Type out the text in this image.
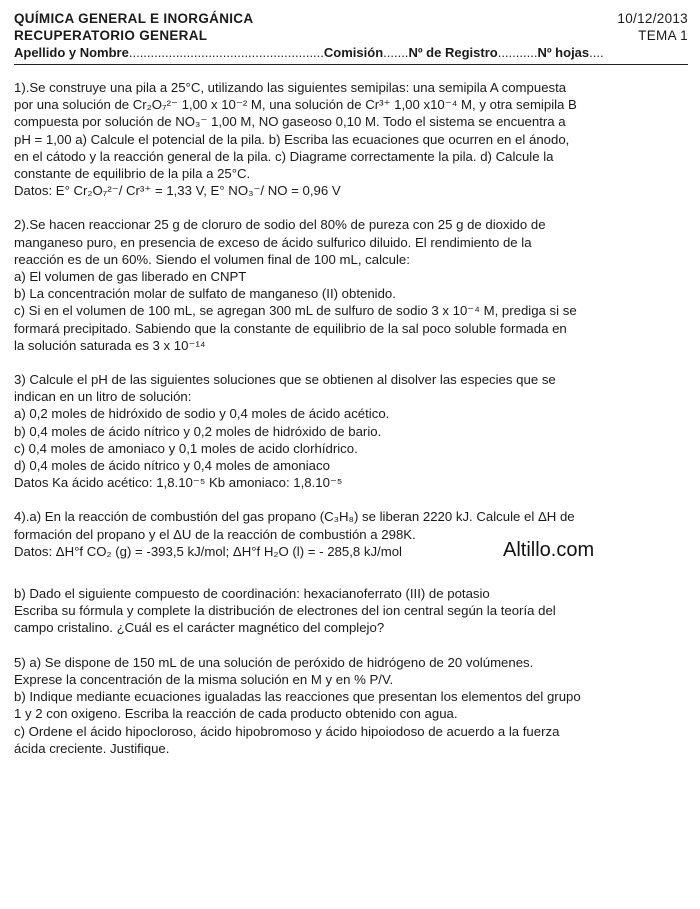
QUÍMICA GENERAL E INORGÁNICA	10/12/2013
RECUPERATORIO GENERAL	TEMA 1
Apellido y Nombre......................................................Comisión.......Nº de Registro...........Nº hojas....

1).Se construye una pila a 25°C, utilizando las siguientes semipilas: una semipila A compuesta

por una solución de Cr₂O₇²⁻ 1,00 x 10⁻² M, una solución de Cr³⁺ 1,00 x10⁻⁴ M, y otra semipila B

compuesta por solución de NO₃⁻ 1,00 M, NO gaseoso 0,10 M. Todo el sistema se encuentra a

pH = 1,00 a) Calcule el potencial de la pila. b) Escriba las ecuaciones que ocurren en el ánodo,

en el cátodo y la reacción general de la pila. c) Diagrame correctamente la pila. d) Calcule la

constante de equilibrio de la pila a 25°C.

Datos: E° Cr₂O₇²⁻/ Cr³⁺ = 1,33 V, E° NO₃⁻/ NO = 0,96 V

2).Se hacen reaccionar 25 g de cloruro de sodio del 80% de pureza con 25 g de dioxido de

manganeso puro, en presencia de exceso de ácido sulfurico diluido. El rendimiento de la

reacción es de un 60%. Siendo el volumen final de 100 mL, calcule:

a) El volumen de gas liberado en CNPT

b) La concentración molar de sulfato de manganeso (II) obtenido.

c) Si en el volumen de 100 mL, se agregan 300 mL de sulfuro de sodio 3 x 10⁻⁴ M, prediga si se

formará precipitado. Sabiendo que la constante de equilibrio de la sal poco soluble formada en

la solución saturada es 3 x 10⁻¹⁴

3) Calcule el pH de las siguientes soluciones que se obtienen al disolver las especies que se

indican en un litro de solución:

a) 0,2 moles de hidróxido de sodio y 0,4 moles de ácido acético.

b) 0,4 moles de ácido nítrico y 0,2 moles de hidróxido de bario.

c) 0,4 moles de amoniaco y 0,1 moles de acido clorhídrico.

d) 0,4 moles de ácido nítrico y 0,4 moles de amoniaco

Datos Ka ácido acético: 1,8.10⁻⁵ Kb amoniaco: 1,8.10⁻⁵

4).a) En la reacción de combustión del gas propano (C₃H₈) se liberan 2220 kJ. Calcule el ΔH de

formación del propano y el ΔU de la reacción de combustión a 298K.

Datos: ΔH°f CO₂ (g) = -393,5 kJ/mol; ΔH°f H₂O (l) = - 285,8 kJ/mol

b) Dado el siguiente compuesto de coordinación: hexacianoferrato (III) de potasio

Escriba su fórmula y complete la distribución de electrones del ion central según la teoría del

campo cristalino. ¿Cuál es el carácter magnético del complejo?

5) a) Se dispone de 150 mL de una solución de peróxido de hidrógeno de 20 volúmenes.

Exprese la concentración de la misma solución en M y en % P/V.

b) Indique mediante ecuaciones igualadas las reacciones que presentan los elementos del grupo

1 y 2 con oxigeno. Escriba la reacción de cada producto obtenido con agua.

c) Ordene el ácido hipocloroso, ácido hipobromoso y ácido hipoiodoso de acuerdo a la fuerza

ácida creciente. Justifique.

Altillo.com
